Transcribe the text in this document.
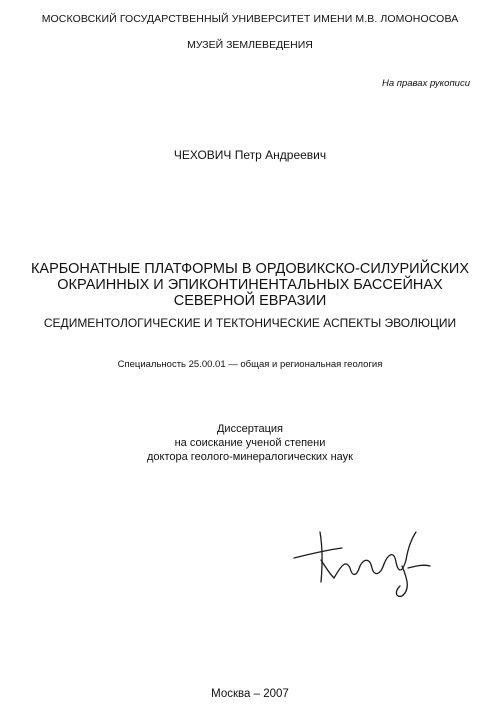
МОСКОВСКИЙ ГОСУДАРСТВЕННЫЙ УНИВЕРСИТЕТ ИМЕНИ М.В. ЛОМОНОСОВА
МУЗЕЙ ЗЕМЛЕВЕДЕНИЯ
На правах рукописи
ЧЕХОВИЧ Петр Андреевич
КАРБОНАТНЫЕ ПЛАТФОРМЫ В ОРДОВИКСКО-СИЛУРИЙСКИХ
ОКРАИННЫХ И ЭПИКОНТИНЕНТАЛЬНЫХ БАССЕЙНАХ
СЕВЕРНОЙ ЕВРАЗИИ
СЕДИМЕНТОЛОГИЧЕСКИЕ И ТЕКТОНИЧЕСКИЕ АСПЕКТЫ ЭВОЛЮЦИИ
Специальность 25.00.01 — общая и региональная геология
Диссертация
на соискание ученой степени
доктора геолого-минералогических наук
Москва – 2007
